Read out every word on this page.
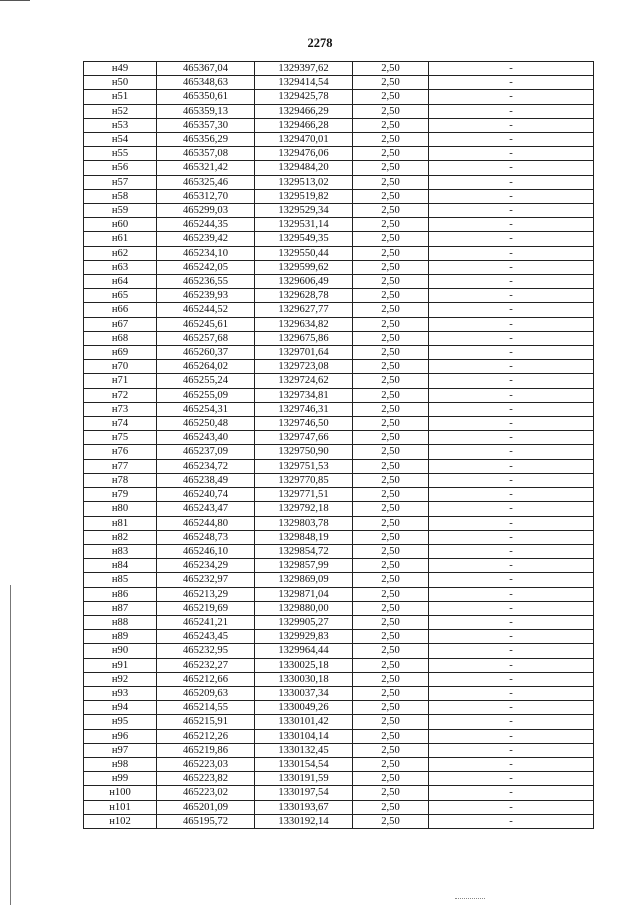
2278
н49	465367,04	1329397,62	2,50	-
н50	465348,63	1329414,54	2,50	-
н51	465350,61	1329425,78	2,50	-
н52	465359,13	1329466,29	2,50	-
н53	465357,30	1329466,28	2,50	-
н54	465356,29	1329470,01	2,50	-
н55	465357,08	1329476,06	2,50	-
н56	465321,42	1329484,20	2,50	-
н57	465325,46	1329513,02	2,50	-
н58	465312,70	1329519,82	2,50	-
н59	465299,03	1329529,34	2,50	-
н60	465244,35	1329531,14	2,50	-
н61	465239,42	1329549,35	2,50	-
н62	465234,10	1329550,44	2,50	-
н63	465242,05	1329599,62	2,50	-
н64	465236,55	1329606,49	2,50	-
н65	465239,93	1329628,78	2,50	-
н66	465244,52	1329627,77	2,50	-
н67	465245,61	1329634,82	2,50	-
н68	465257,68	1329675,86	2,50	-
н69	465260,37	1329701,64	2,50	-
н70	465264,02	1329723,08	2,50	-
н71	465255,24	1329724,62	2,50	-
н72	465255,09	1329734,81	2,50	-
н73	465254,31	1329746,31	2,50	-
н74	465250,48	1329746,50	2,50	-
н75	465243,40	1329747,66	2,50	-
н76	465237,09	1329750,90	2,50	-
н77	465234,72	1329751,53	2,50	-
н78	465238,49	1329770,85	2,50	-
н79	465240,74	1329771,51	2,50	-
н80	465243,47	1329792,18	2,50	-
н81	465244,80	1329803,78	2,50	-
н82	465248,73	1329848,19	2,50	-
н83	465246,10	1329854,72	2,50	-
н84	465234,29	1329857,99	2,50	-
н85	465232,97	1329869,09	2,50	-
н86	465213,29	1329871,04	2,50	-
н87	465219,69	1329880,00	2,50	-
н88	465241,21	1329905,27	2,50	-
н89	465243,45	1329929,83	2,50	-
н90	465232,95	1329964,44	2,50	-
н91	465232,27	1330025,18	2,50	-
н92	465212,66	1330030,18	2,50	-
н93	465209,63	1330037,34	2,50	-
н94	465214,55	1330049,26	2,50	-
н95	465215,91	1330101,42	2,50	-
н96	465212,26	1330104,14	2,50	-
н97	465219,86	1330132,45	2,50	-
н98	465223,03	1330154,54	2,50	-
н99	465223,82	1330191,59	2,50	-
н100	465223,02	1330197,54	2,50	-
н101	465201,09	1330193,67	2,50	-
н102	465195,72	1330192,14	2,50	-
